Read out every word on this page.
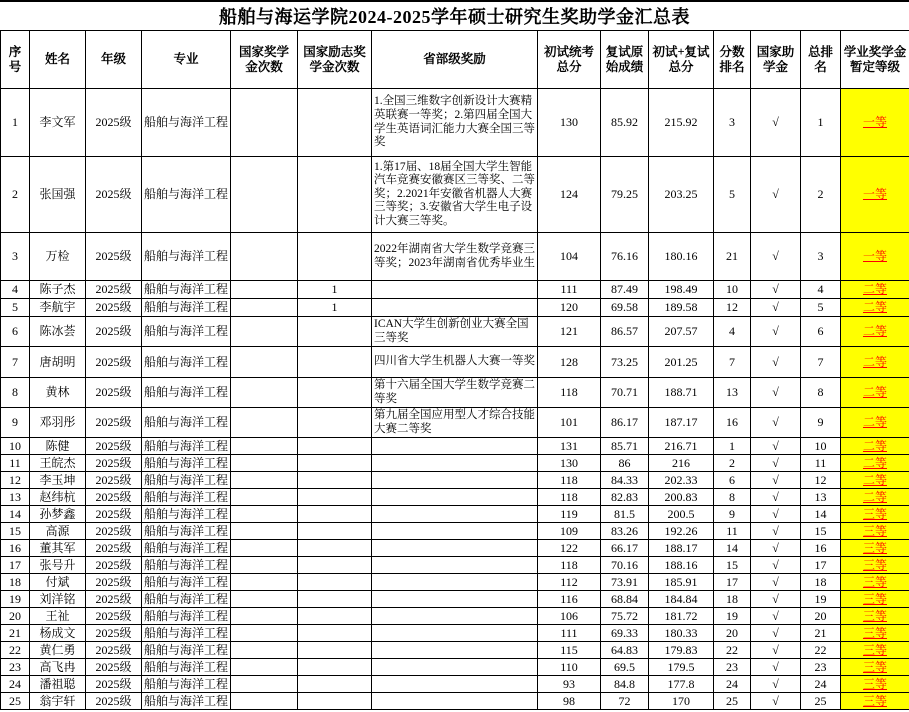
船舶与海运学院2024-2025学年硕士研究生奖助学金汇总表
序号	姓名	年级	专业	国家奖学金次数	国家励志奖学金次数	省部级奖励	初试统考总分	复试原始成绩	初试+复试总分	分数排名	国家助学金	总排名	学业奖学金暂定等级
1	李文军	2025级	船舶与海洋工程			1.全国三维数字创新设计大赛精英联赛一等奖；2.第四届全国大学生英语词汇能力大赛全国三等奖	130	85.92	215.92	3	√	1	一等
2	张国强	2025级	船舶与海洋工程			1.第17届、18届全国大学生智能汽车竞赛安徽赛区三等奖、二等奖；2.2021年安徽省机器人大赛三等奖；3.安徽省大学生电子设计大赛三等奖。	124	79.25	203.25	5	√	2	一等
3	万检	2025级	船舶与海洋工程			2022年湖南省大学生数学竞赛三等奖；2023年湖南省优秀毕业生	104	76.16	180.16	21	√	3	一等
4	陈子杰	2025级	船舶与海洋工程		1		111	87.49	198.49	10	√	4	二等
5	李航宇	2025级	船舶与海洋工程		1		120	69.58	189.58	12	√	5	二等
6	陈冰荟	2025级	船舶与海洋工程			ICAN大学生创新创业大赛全国三等奖	121	86.57	207.57	4	√	6	二等
7	唐胡明	2025级	船舶与海洋工程			四川省大学生机器人大赛一等奖	128	73.25	201.25	7	√	7	二等
8	黄林	2025级	船舶与海洋工程			第十六届全国大学生数学竞赛二等奖	118	70.71	188.71	13	√	8	二等
9	邓羽彤	2025级	船舶与海洋工程			第九届全国应用型人才综合技能大赛二等奖	101	86.17	187.17	16	√	9	二等
10	陈健	2025级	船舶与海洋工程				131	85.71	216.71	1	√	10	二等
11	王皖杰	2025级	船舶与海洋工程				130	86	216	2	√	11	二等
12	李玉坤	2025级	船舶与海洋工程				118	84.33	202.33	6	√	12	二等
13	赵纬杭	2025级	船舶与海洋工程				118	82.83	200.83	8	√	13	二等
14	孙梦鑫	2025级	船舶与海洋工程				119	81.5	200.5	9	√	14	三等
15	高源	2025级	船舶与海洋工程				109	83.26	192.26	11	√	15	三等
16	董其军	2025级	船舶与海洋工程				122	66.17	188.17	14	√	16	三等
17	张号升	2025级	船舶与海洋工程				118	70.16	188.16	15	√	17	三等
18	付斌	2025级	船舶与海洋工程				112	73.91	185.91	17	√	18	三等
19	刘洋铭	2025级	船舶与海洋工程				116	68.84	184.84	18	√	19	三等
20	王祉	2025级	船舶与海洋工程				106	75.72	181.72	19	√	20	三等
21	杨成文	2025级	船舶与海洋工程				111	69.33	180.33	20	√	21	三等
22	黄仁勇	2025级	船舶与海洋工程				115	64.83	179.83	22	√	22	三等
23	高飞冉	2025级	船舶与海洋工程				110	69.5	179.5	23	√	23	三等
24	潘祖聪	2025级	船舶与海洋工程				93	84.8	177.8	24	√	24	三等
25	翁宇轩	2025级	船舶与海洋工程				98	72	170	25	√	25	三等
